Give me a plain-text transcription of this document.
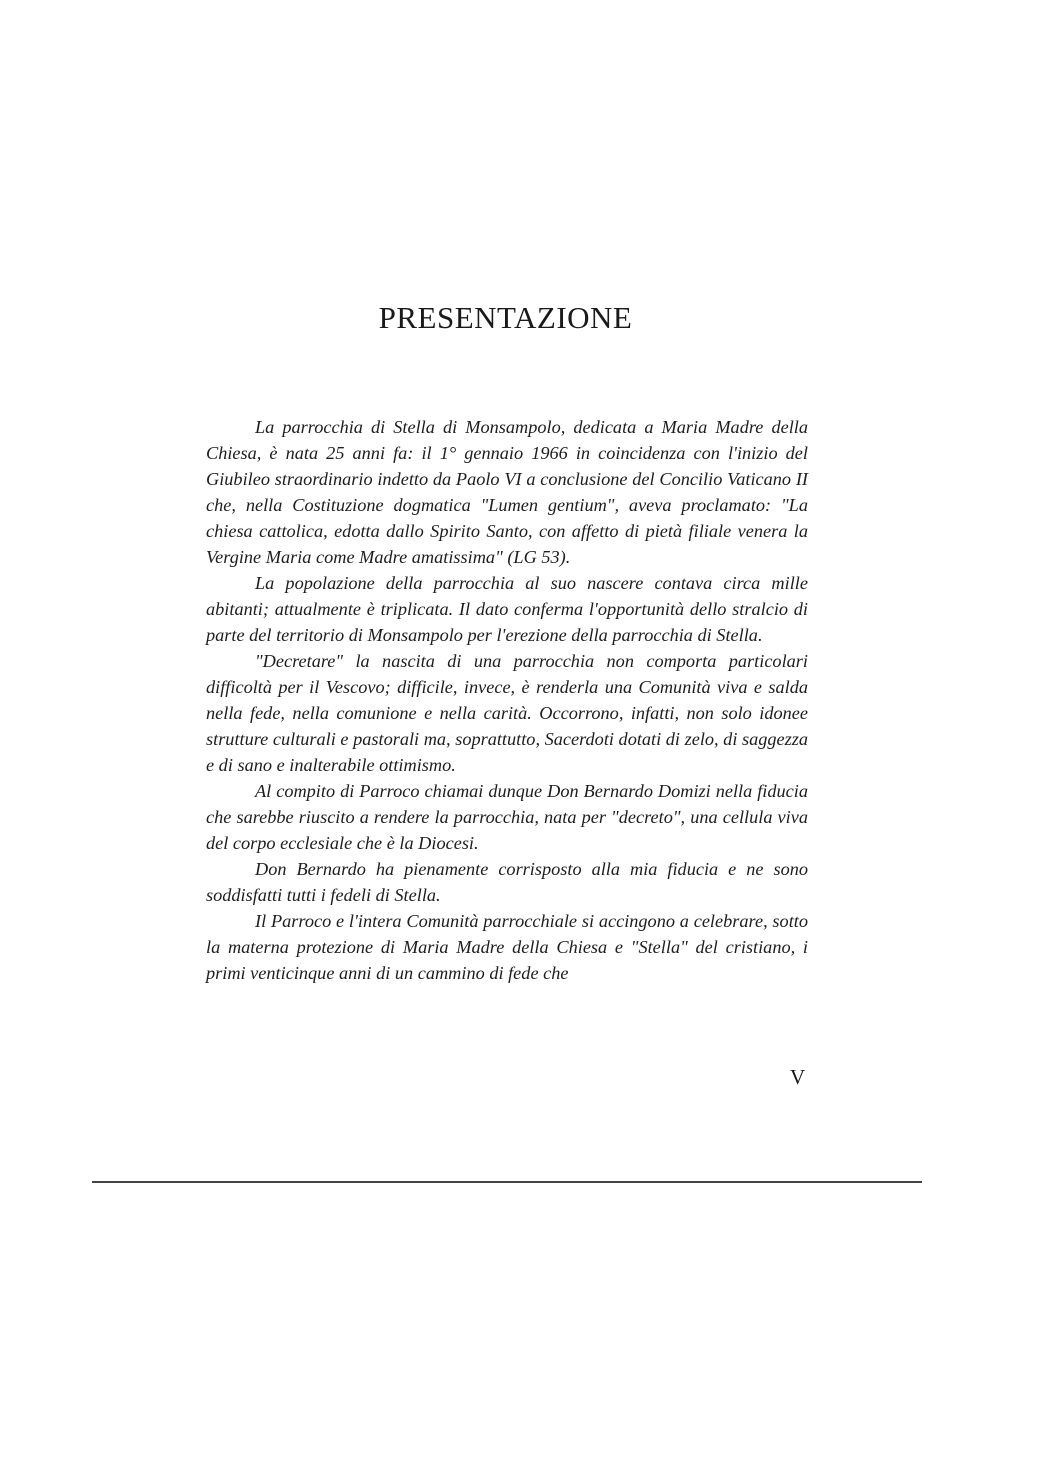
PRESENTAZIONE

La parrocchia di Stella di Monsampolo, dedicata a Maria Madre della Chiesa, è nata 25 anni fa: il 1° gennaio 1966 in coincidenza con l'inizio del Giubileo straordinario indetto da Paolo VI a conclusione del Concilio Vaticano II che, nella Costituzione dogmatica "Lumen gentium", aveva proclamato: "La chiesa cattolica, edotta dallo Spirito Santo, con affetto di pietà filiale venera la Vergine Maria come Madre amatissima" (LG 53).

La popolazione della parrocchia al suo nascere contava circa mille abitanti; attualmente è triplicata. Il dato conferma l'opportunità dello stralcio di parte del territorio di Monsampolo per l'erezione della parrocchia di Stella.

"Decretare" la nascita di una parrocchia non comporta particolari difficoltà per il Vescovo; difficile, invece, è renderla una Comunità viva e salda nella fede, nella comunione e nella carità. Occorrono, infatti, non solo idonee strutture culturali e pastorali ma, soprattutto, Sacerdoti dotati di zelo, di saggezza e di sano e inalterabile ottimismo.

Al compito di Parroco chiamai dunque Don Bernardo Domizi nella fiducia che sarebbe riuscito a rendere la parrocchia, nata per "decreto", una cellula viva del corpo ecclesiale che è la Diocesi.

Don Bernardo ha pienamente corrisposto alla mia fiducia e ne sono soddisfatti tutti i fedeli di Stella.

Il Parroco e l'intera Comunità parrocchiale si accingono a celebrare, sotto la materna protezione di Maria Madre della Chiesa e "Stella" del cristiano, i primi venticinque anni di un cammino di fede che

V
